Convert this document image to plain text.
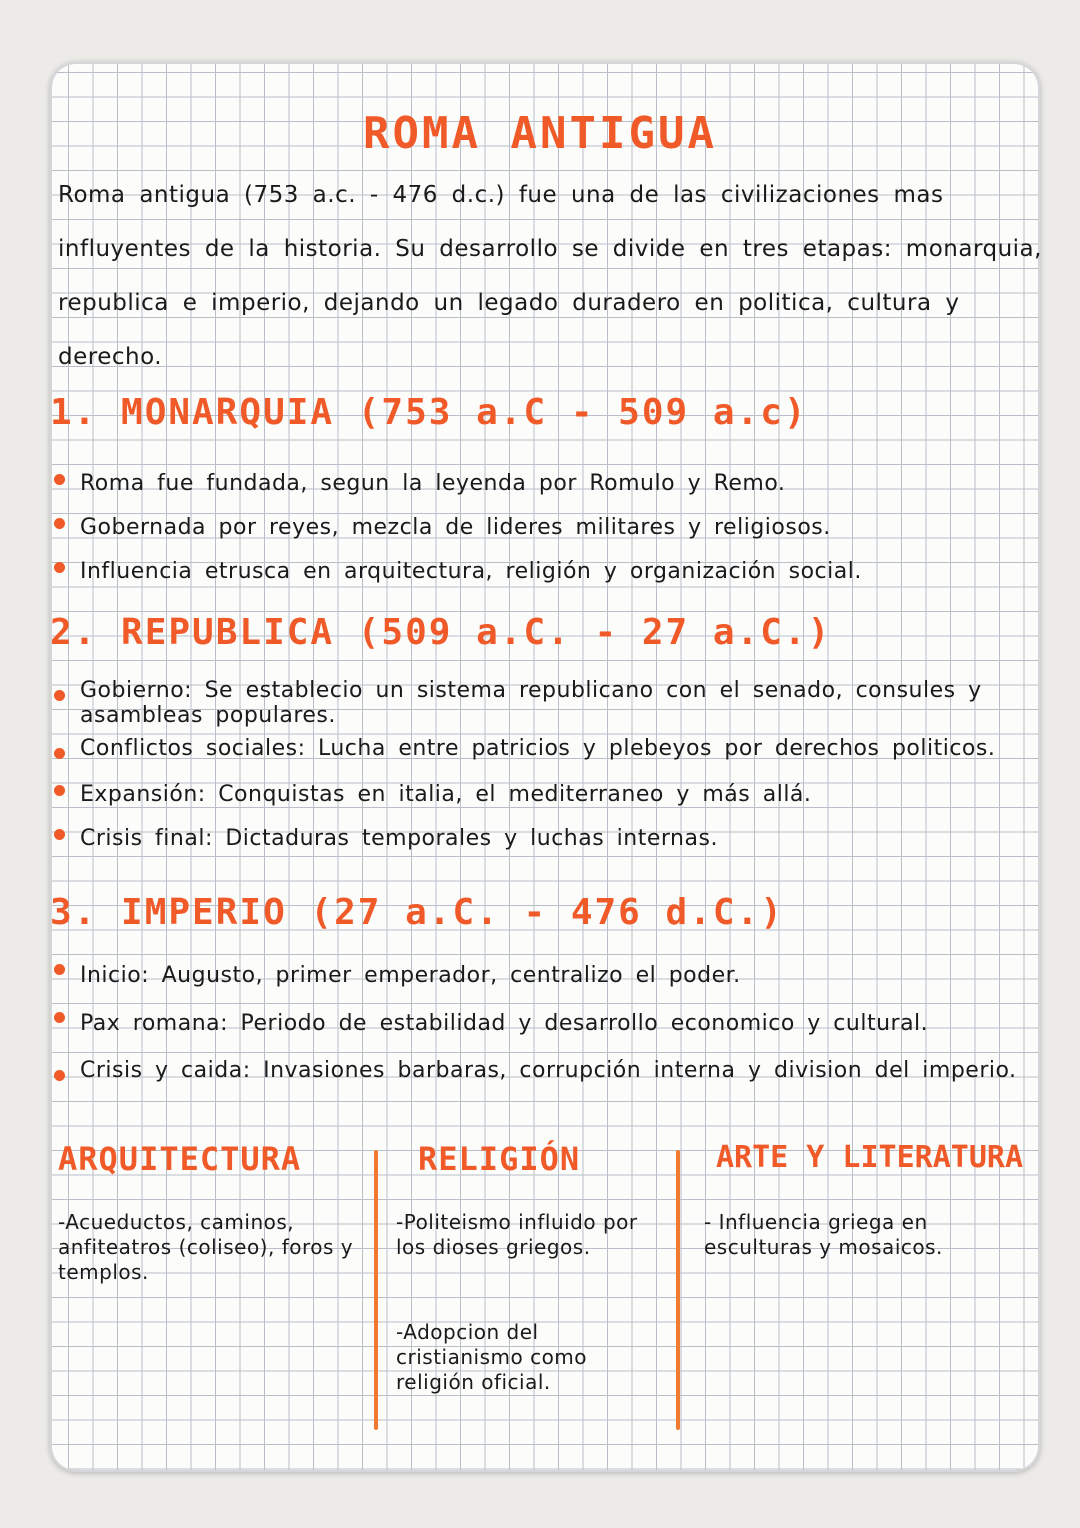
ROMA ANTIGUA

Roma antigua (753 a.c. - 476 d.c.) fue una de las civilizaciones mas influyentes de la historia. Su desarrollo se divide en tres etapas: monarquia, republica e imperio, dejando un legado duradero en politica, cultura y derecho.

1. MONARQUIA (753 a.C - 509 a.c)
Roma fue fundada, segun la leyenda por Romulo y Remo.
Gobernada por reyes, mezcla de lideres militares y religiosos.
Influencia etrusca en arquitectura, religión y organización social.
2. REPUBLICA (509 a.C. - 27 a.C.)
Gobierno: Se establecio un sistema republicano con el senado, consules y asambleas populares.
Conflictos sociales: Lucha entre patricios y plebeyos por derechos politicos.
Expansión: Conquistas en italia, el mediterraneo y más allá.
Crisis final: Dictaduras temporales y luchas internas.
3. IMPERIO (27 a.C. - 476 d.C.)
Inicio: Augusto, primer emperador, centralizo el poder.
Pax romana: Periodo de estabilidad y desarrollo economico y cultural.
Crisis y caida: Invasiones barbaras, corrupción interna y division del imperio.
ARQUITECTURA	RELIGIÓN	ARTE Y LITERATURA

-Acueductos, caminos, anfiteatros (coliseo), foros y templos.

-Politeismo influido por los dioses griegos.

-Adopcion del cristianismo como religión oficial.

- Influencia griega en esculturas y mosaicos.
